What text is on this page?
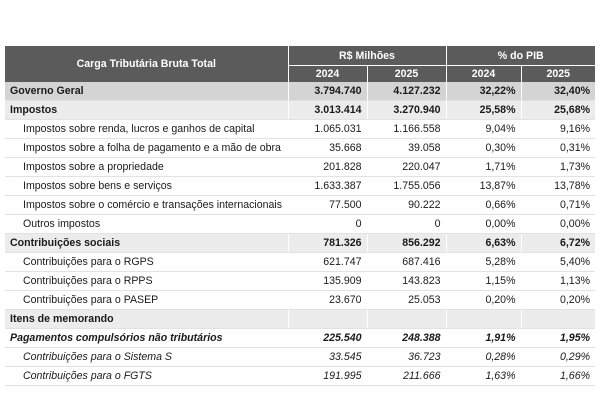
Carga Tributária Bruta Total	R$ Milhões		% do PIB	
	2024	2025	2024	2025
Governo Geral	3.794.740	4.127.232	32,22%	32,40%
Impostos	3.013.414	3.270.940	25,58%	25,68%
Impostos sobre renda, lucros e ganhos de capital	1.065.031	1.166.558	9,04%	9,16%
Impostos sobre a folha de pagamento e a mão de obra	35.668	39.058	0,30%	0,31%
Impostos sobre a propriedade	201.828	220.047	1,71%	1,73%
Impostos sobre bens e serviços	1.633.387	1.755.056	13,87%	13,78%
Impostos sobre o comércio e transações internacionais	77.500	90.222	0,66%	0,71%
Outros impostos	0	0	0,00%	0,00%
Contribuições sociais	781.326	856.292	6,63%	6,72%
Contribuições para o RGPS	621.747	687.416	5,28%	5,40%
Contribuições para o RPPS	135.909	143.823	1,15%	1,13%
Contribuições para o PASEP	23.670	25.053	0,20%	0,20%
Itens de memorando				
Pagamentos compulsórios não tributários	225.540	248.388	1,91%	1,95%
Contribuições para o Sistema S	33.545	36.723	0,28%	0,29%
Contribuições para o FGTS	191.995	211.666	1,63%	1,66%
